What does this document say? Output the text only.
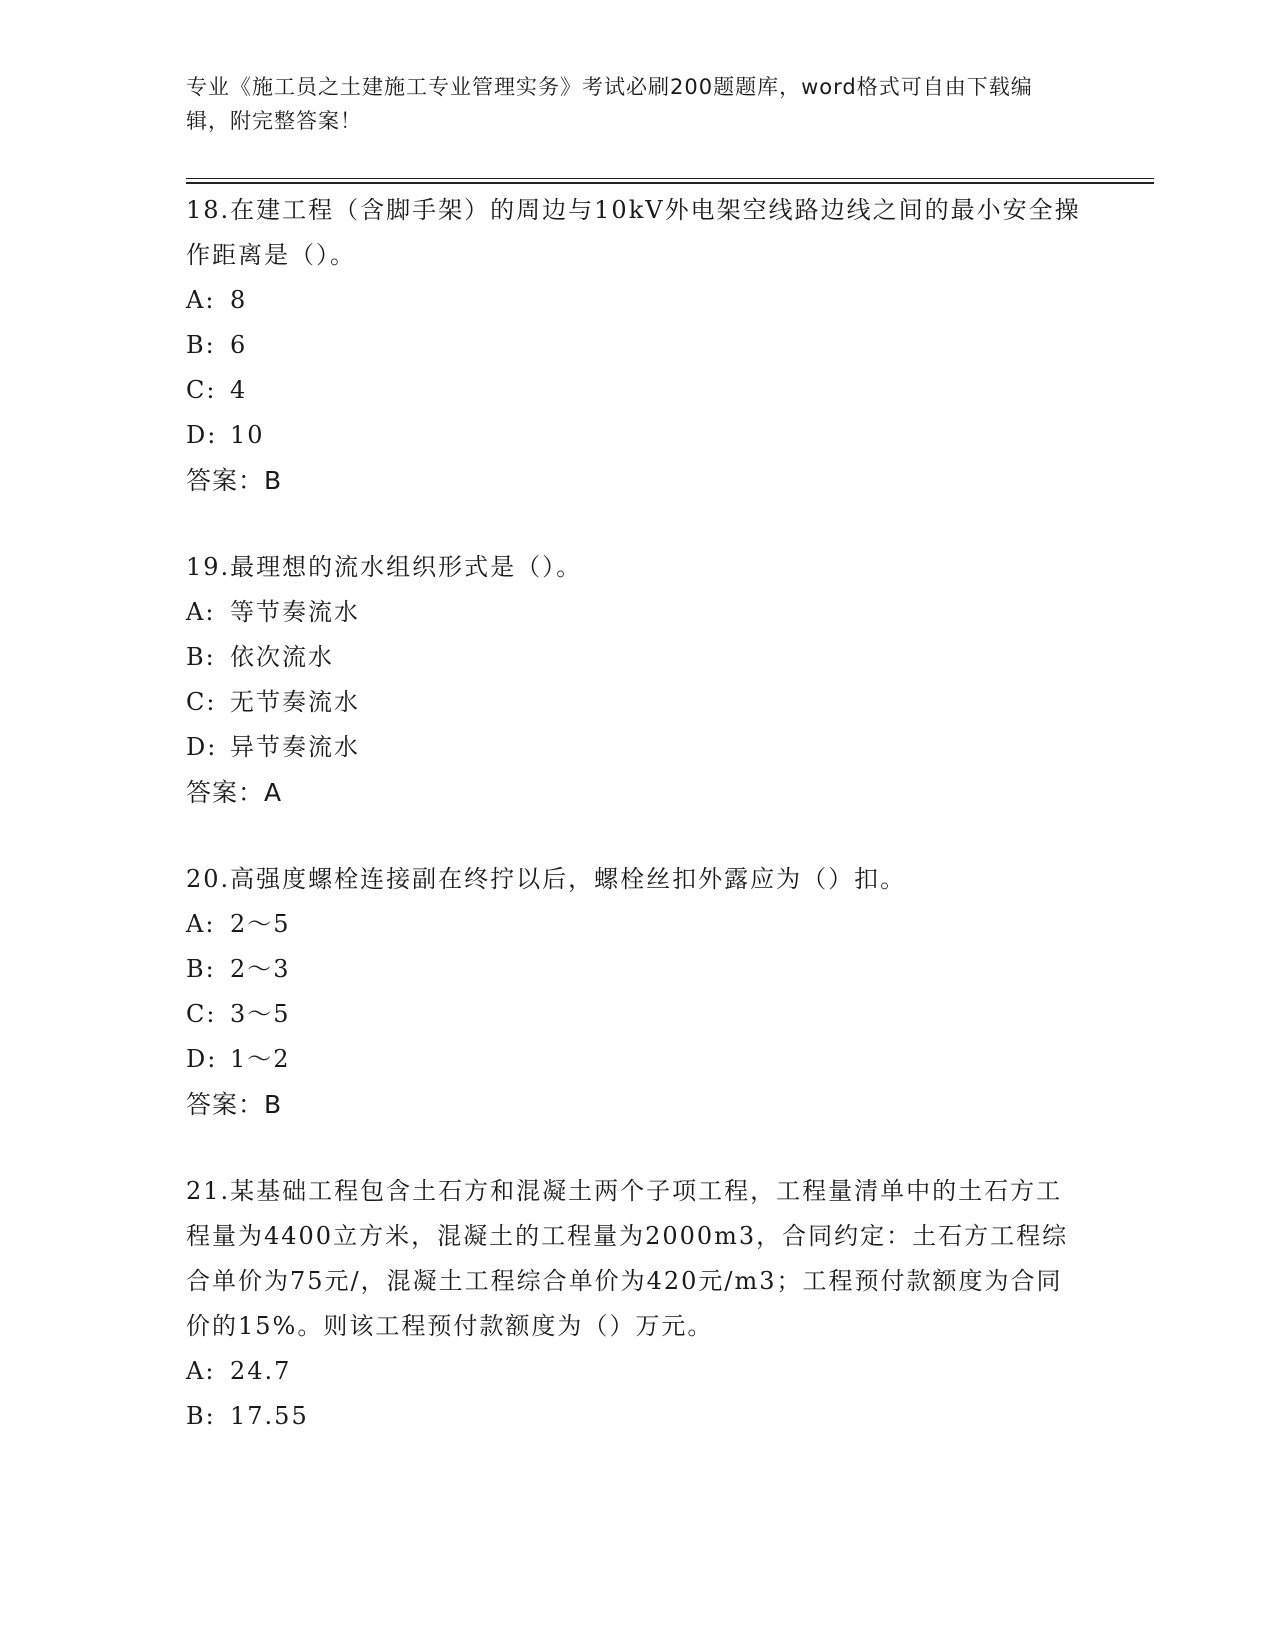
专业《施工员之土建施工专业管理实务》考试必刷200题题库，word格式可自由下载编辑，附完整答案！
18.在建工程（含脚手架）的周边与10kV外电架空线路边线之间的最小安全操作距离是（）。
A: 8
B: 6
C: 4
D: 10
答案：B
19.最理想的流水组织形式是（）。
A: 等节奏流水
B: 依次流水
C: 无节奏流水
D: 异节奏流水
答案：A
20.高强度螺栓连接副在终拧以后，螺栓丝扣外露应为（）扣。
A: 2～5
B: 2～3
C: 3～5
D: 1～2
答案：B
21.某基础工程包含土石方和混凝土两个子项工程，工程量清单中的土石方工程量为4400立方米，混凝土的工程量为2000m3，合同约定：土石方工程综合单价为75元/，混凝土工程综合单价为420元/m3；工程预付款额度为合同价的15%。则该工程预付款额度为（）万元。
A: 24.7
B: 17.55
